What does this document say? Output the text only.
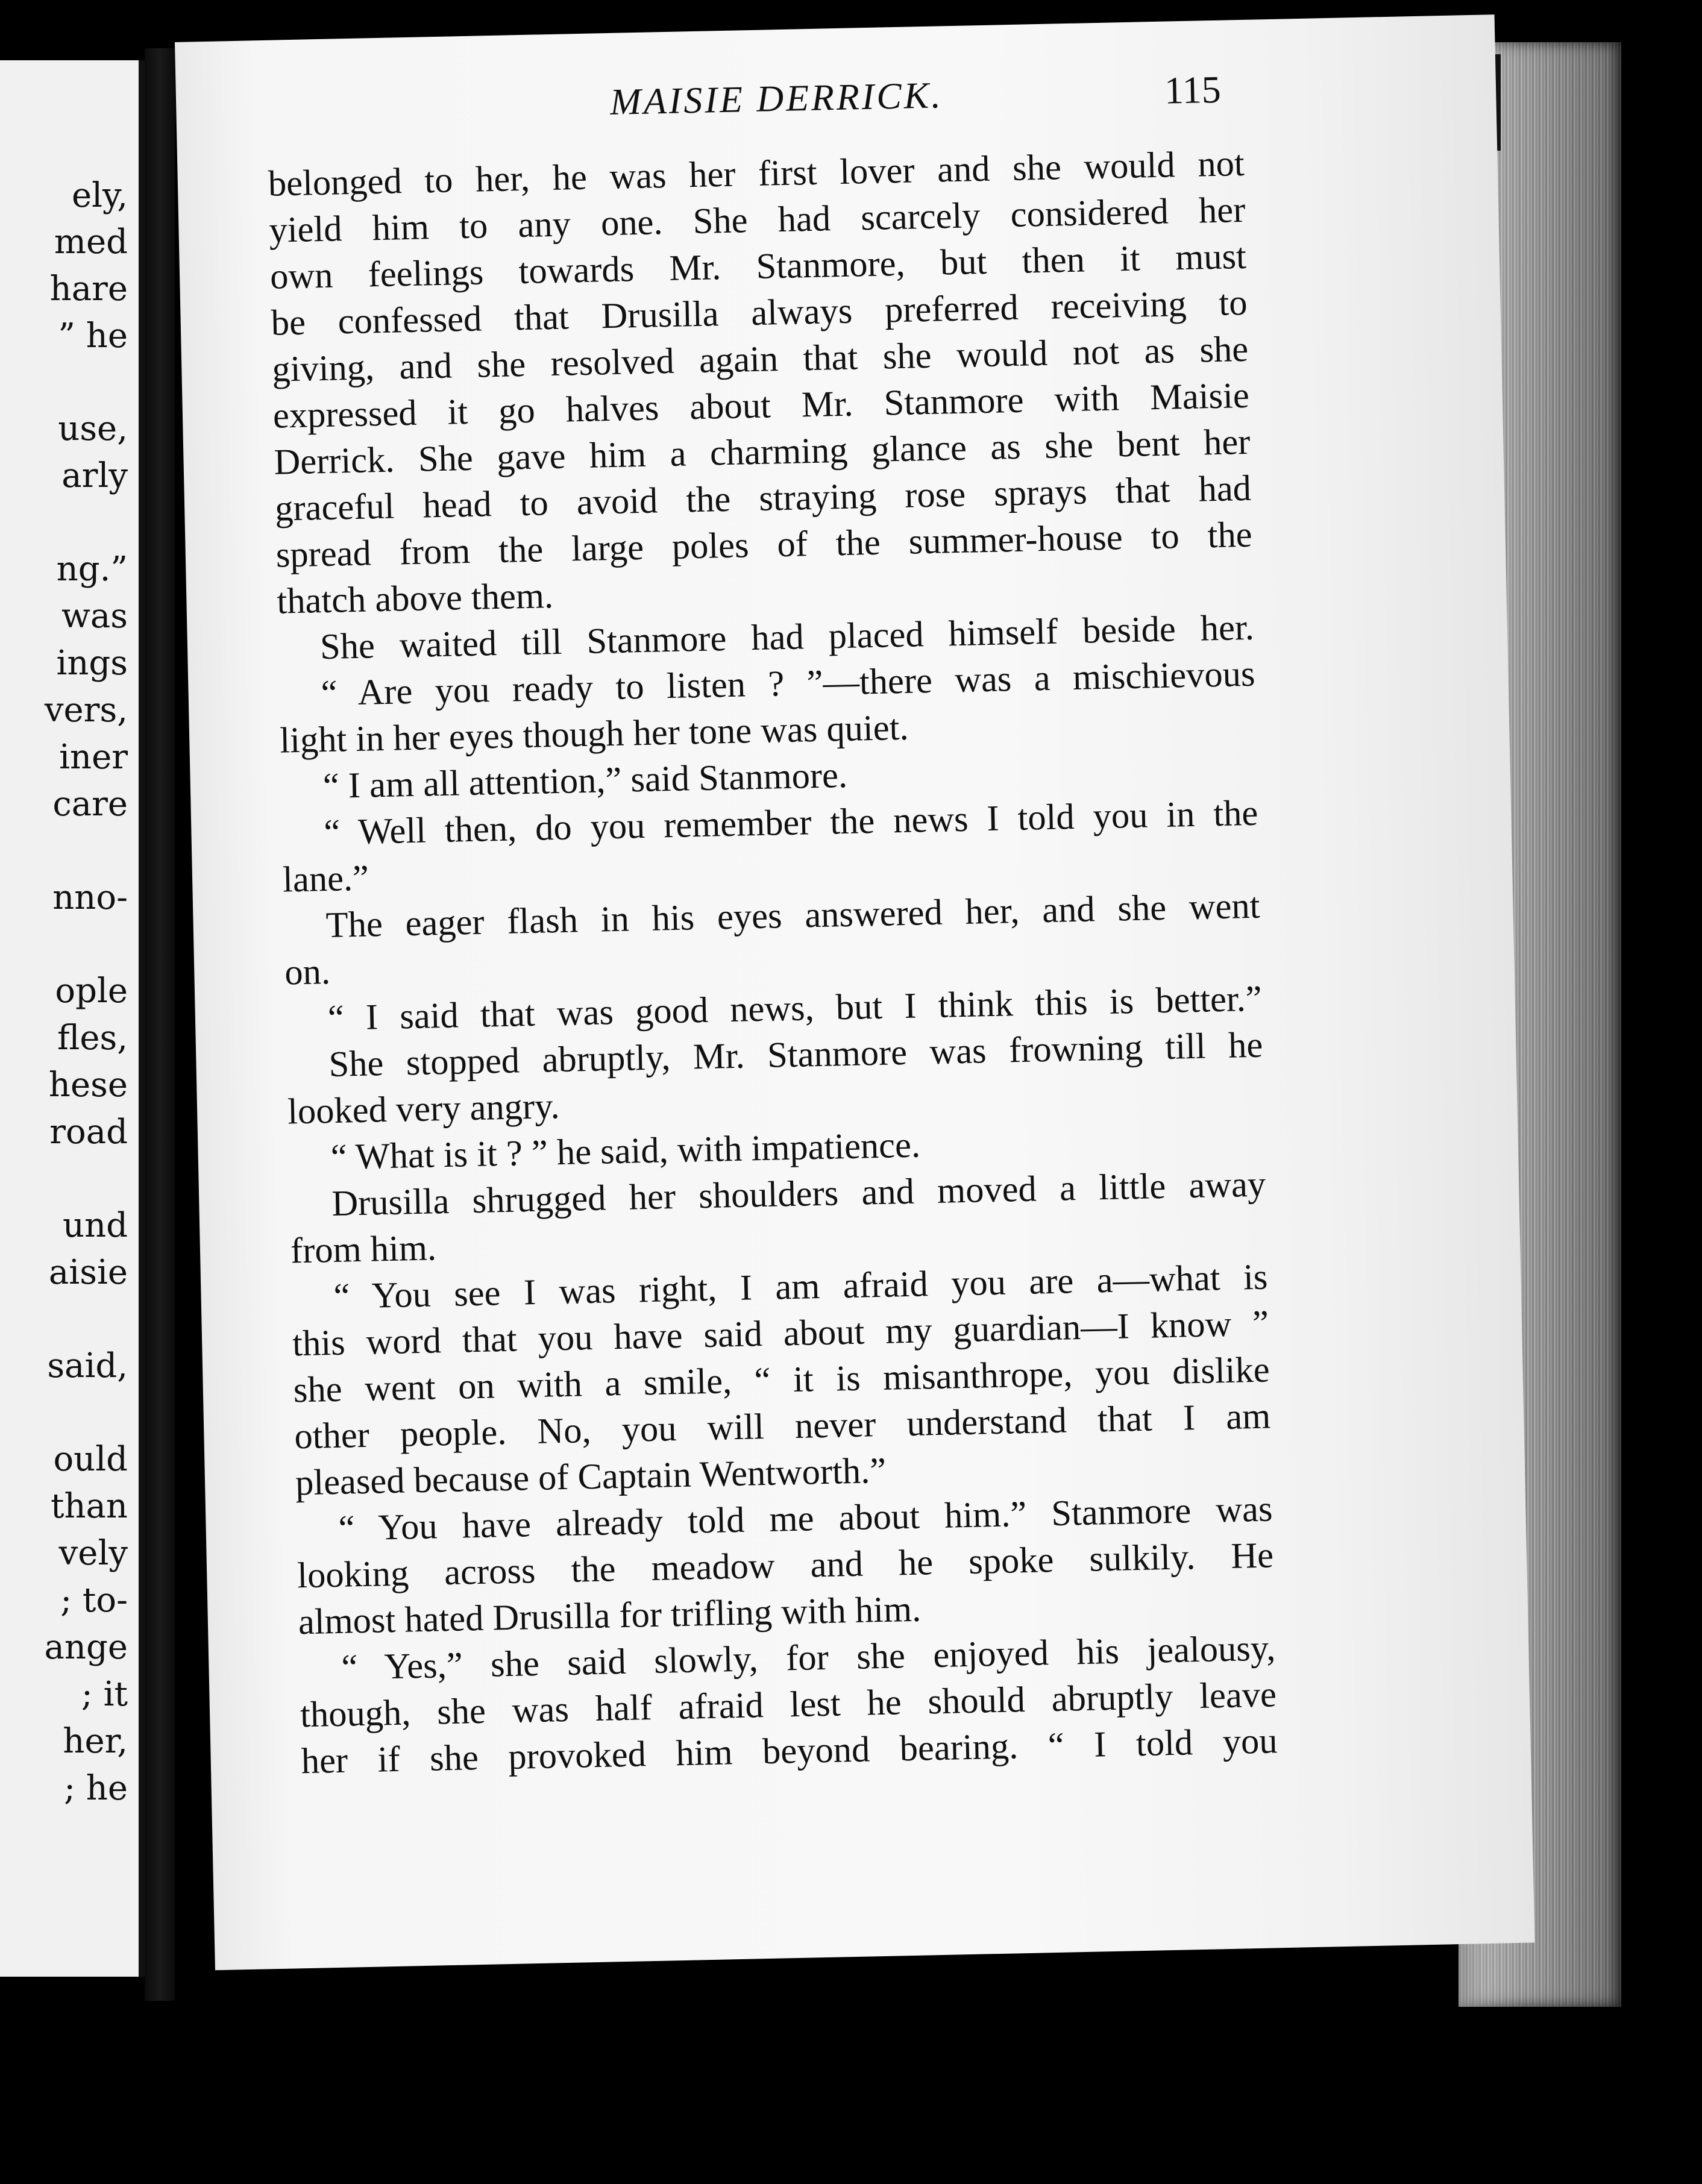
ely,
med
hare
” he
use,
arly
ng.”
was
ings
vers,
iner
care
nno-
ople
fles,
hese
road
und
aisie
said,
ould
than
vely
; to-
ange
; it
her,
; he
MAISIE DERRICK.	115
belonged to her, he was her first lover and she would not
yield him to any one. She had scarcely considered her
own feelings towards Mr. Stanmore, but then it must
be confessed that Drusilla always preferred receiving to
giving, and she resolved again that she would not as she
expressed it go halves about Mr. Stanmore with Maisie
Derrick. She gave him a charming glance as she bent her
graceful head to avoid the straying rose sprays that had
spread from the large poles of the summer-house to the
thatch above them.
She waited till Stanmore had placed himself beside her.
“ Are you ready to listen ? ”—there was a mischievous
light in her eyes though her tone was quiet.
“ I am all attention,” said Stanmore.
“ Well then, do you remember the news I told you in the
lane.”
The eager flash in his eyes answered her, and she went
on.
“ I said that was good news, but I think this is better.”
She stopped abruptly, Mr. Stanmore was frowning till he
looked very angry.
“ What is it ? ” he said, with impatience.
Drusilla shrugged her shoulders and moved a little away
from him.
“ You see I was right, I am afraid you are a—what is
this word that you have said about my guardian—I know ”
she went on with a smile, “ it is misanthrope, you dislike
other people. No, you will never understand that I am
pleased because of Captain Wentworth.”
“ You have already told me about him.” Stanmore was
looking across the meadow and he spoke sulkily. He
almost hated Drusilla for trifling with him.
“ Yes,” she said slowly, for she enjoyed his jealousy,
though, she was half afraid lest he should abruptly leave
her if she provoked him beyond bearing. “ I told you
